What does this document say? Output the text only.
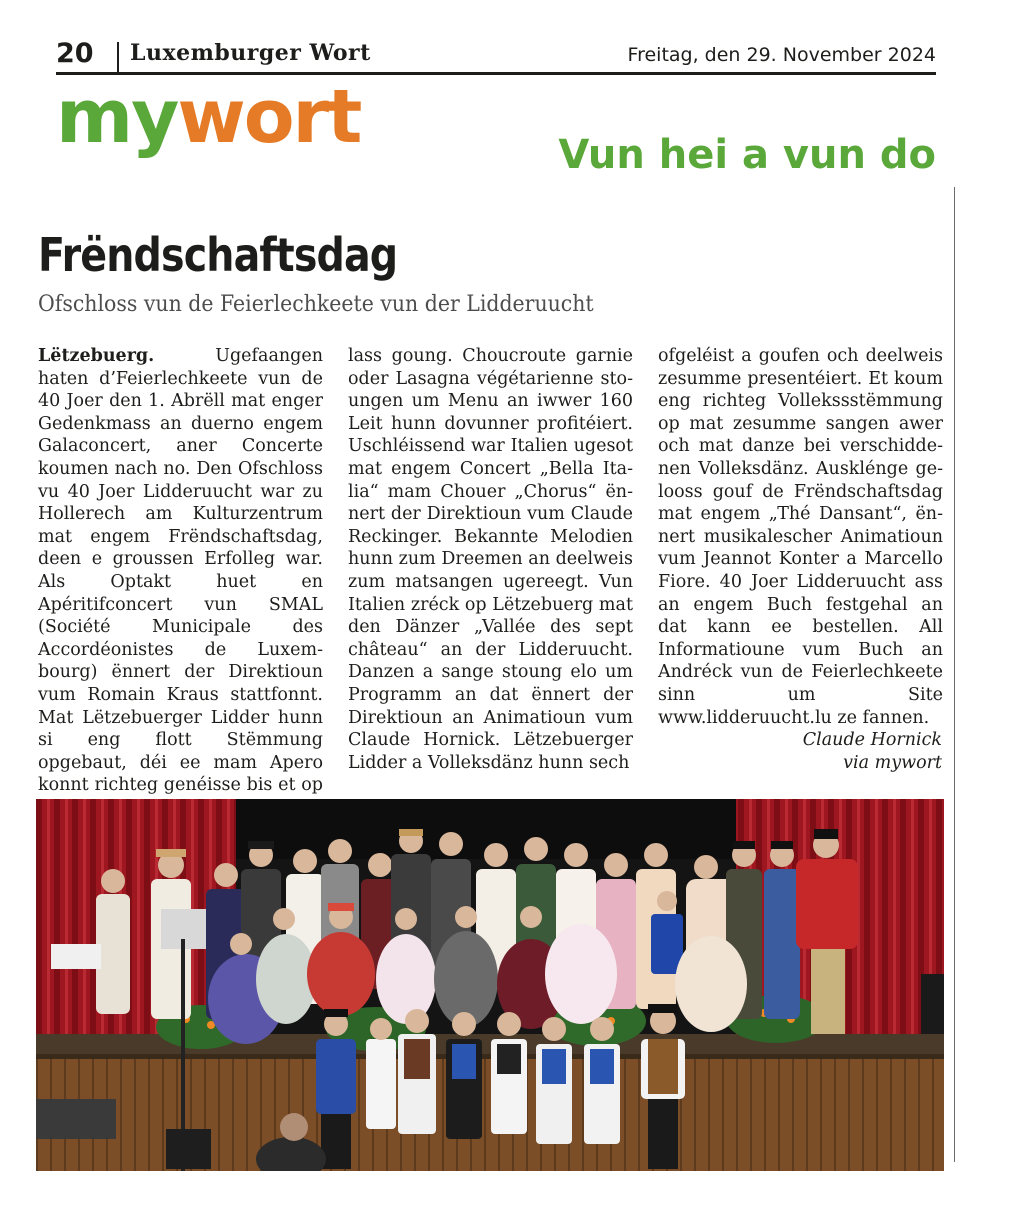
20 Luxemburger Wort	Freitag, den 29. November 2024
mywort	Vun hei a vun do
Frëndschaftsdag
Ofschloss vun de Feierlechkeete vun der Lidderuucht
Lëtzebuerg.	Ugefaangen haten d’Feierlechkeete vun de 40 Joer den 1. Abrëll mat enger Gedenkmass an duerno engem Galaconcert, aner Concerte koumen nach no. Den Ofschloss vu 40 Joer Lidderuucht war zu Hollerech am Kulturzentrum mat engem Frëndschaftsdag, deen e groussen Erfolleg war. Als Optakt huet en Apéritifconcert vun SMAL (Société Municipale des Accordéonistes de Luxembourg) ënnert der Direktioun vum Romain Kraus stattfonnt. Mat Lëtzebuerger Lidder hunn si eng flott Stëmmung opgebaut, déi ee mam Apero konnt richteg genéisse bis et op
lass goung. Choucroute garnie oder Lasagna végétarienne stoungen um Menu an iwwer 160 Leit hunn dovunner profitéiert. Uschléissend war Italien ugesot mat engem Concert „Bella Italia“ mam Chouer „Chorus“ ënnert der Direktioun vum Claude Reckinger. Bekannte Melodien hunn zum Dreemen an deelweis zum matsangen ugereegt. Vun Italien zréck op Lëtzebuerg mat den Dänzer „Vallée des sept château“ an der Lidderuucht. Danzen a sange stoung elo um Programm an dat ënnert der Direktioun an Animatioun vum Claude Hornick. Lëtzebuerger Lidder a Volleksdänz hunn sech
ofgeléist a goufen och deelweis zesumme presentéiert. Et koum eng richteg Vollekssstëmmung op mat zesumme sangen awer och mat danze bei verschiddenen Volleksdänz. Ausklénge gelooss gouf de Frëndschaftsdag mat engem „Thé Dansant“, ënnert musikalescher Animatioun vum Jeannot Konter a Marcello Fiore. 40 Joer Lidderuucht ass an engem Buch festgehal an dat kann ee bestellen. All Informatioune vum Buch an Andréck vun de Feierlechkeete sinn um Site www.lidderuucht.lu ze fannen.
Claude Hornick
via mywort
